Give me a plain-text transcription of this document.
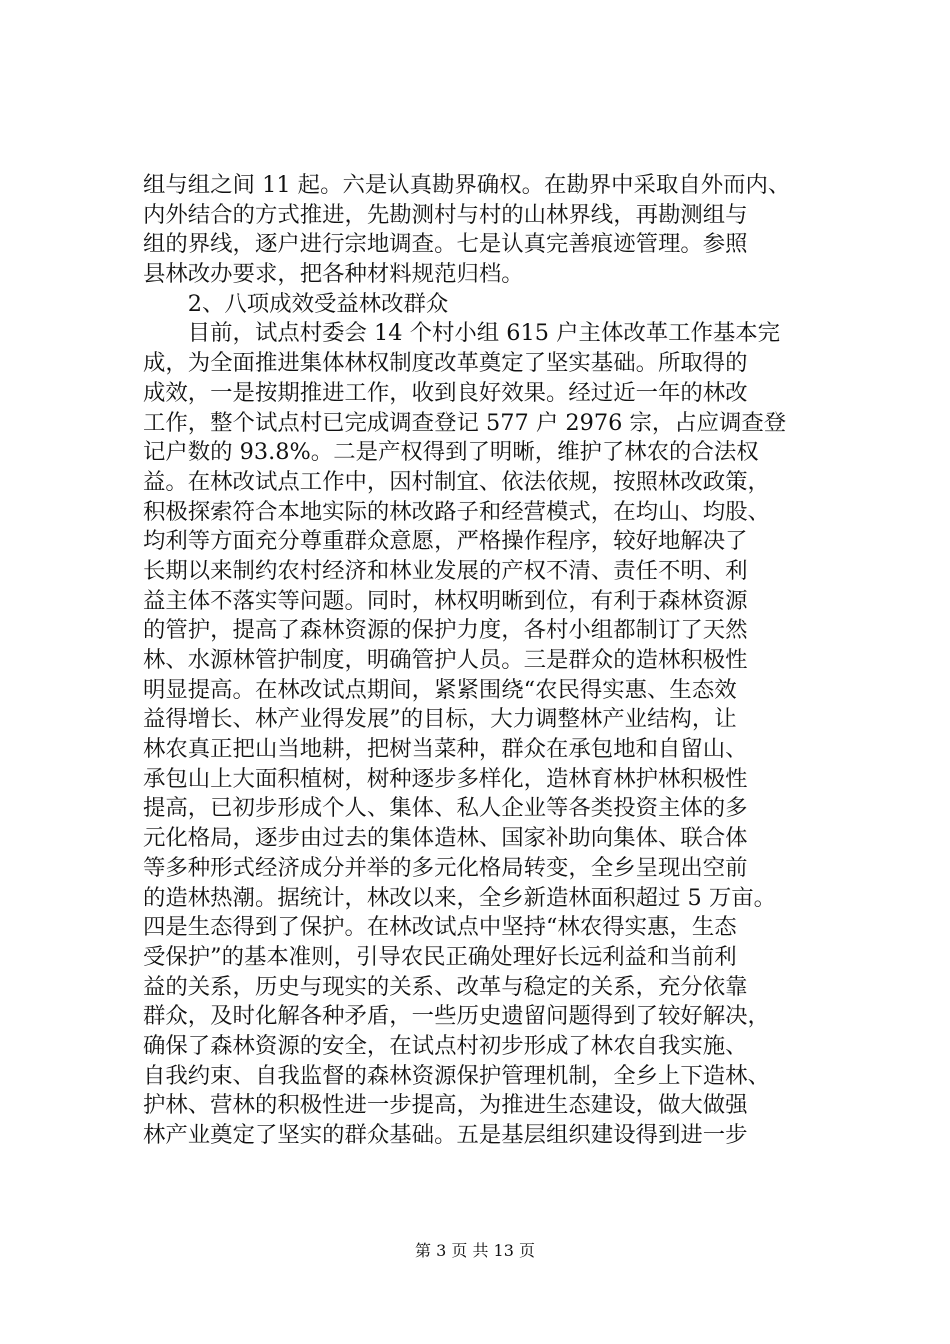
组与组之间 11 起。六是认真勘界确权。在勘界中采取自外而内、
内外结合的方式推进，先勘测村与村的山林界线，再勘测组与
组的界线，逐户进行宗地调查。七是认真完善痕迹管理。参照
县林改办要求，把各种材料规范归档。
　　2、八项成效受益林改群众
　　目前，试点村委会 14 个村小组 615 户主体改革工作基本完
成，为全面推进集体林权制度改革奠定了坚实基础。所取得的
成效，一是按期推进工作，收到良好效果。经过近一年的林改
工作，整个试点村已完成调查登记 577 户 2976 宗，占应调查登
记户数的 93.8%。二是产权得到了明晰，维护了林农的合法权
益。在林改试点工作中，因村制宜、依法依规，按照林改政策，
积极探索符合本地实际的林改路子和经营模式，在均山、均股、
均利等方面充分尊重群众意愿，严格操作程序，较好地解决了
长期以来制约农村经济和林业发展的产权不清、责任不明、利
益主体不落实等问题。同时，林权明晰到位，有利于森林资源
的管护，提高了森林资源的保护力度，各村小组都制订了天然
林、水源林管护制度，明确管护人员。三是群众的造林积极性
明显提高。在林改试点期间，紧紧围绕“农民得实惠、生态效
益得增长、林产业得发展”的目标，大力调整林产业结构，让
林农真正把山当地耕，把树当菜种，群众在承包地和自留山、
承包山上大面积植树，树种逐步多样化，造林育林护林积极性
提高，已初步形成个人、集体、私人企业等各类投资主体的多
元化格局，逐步由过去的集体造林、国家补助向集体、联合体
等多种形式经济成分并举的多元化格局转变，全乡呈现出空前
的造林热潮。据统计，林改以来，全乡新造林面积超过 5 万亩。
四是生态得到了保护。在林改试点中坚持“林农得实惠，生态
受保护”的基本准则，引导农民正确处理好长远利益和当前利
益的关系，历史与现实的关系、改革与稳定的关系，充分依靠
群众，及时化解各种矛盾，一些历史遗留问题得到了较好解决，
确保了森林资源的安全，在试点村初步形成了林农自我实施、
自我约束、自我监督的森林资源保护管理机制，全乡上下造林、
护林、营林的积极性进一步提高，为推进生态建设，做大做强
林产业奠定了坚实的群众基础。五是基层组织建设得到进一步
第 3 页 共 13 页
